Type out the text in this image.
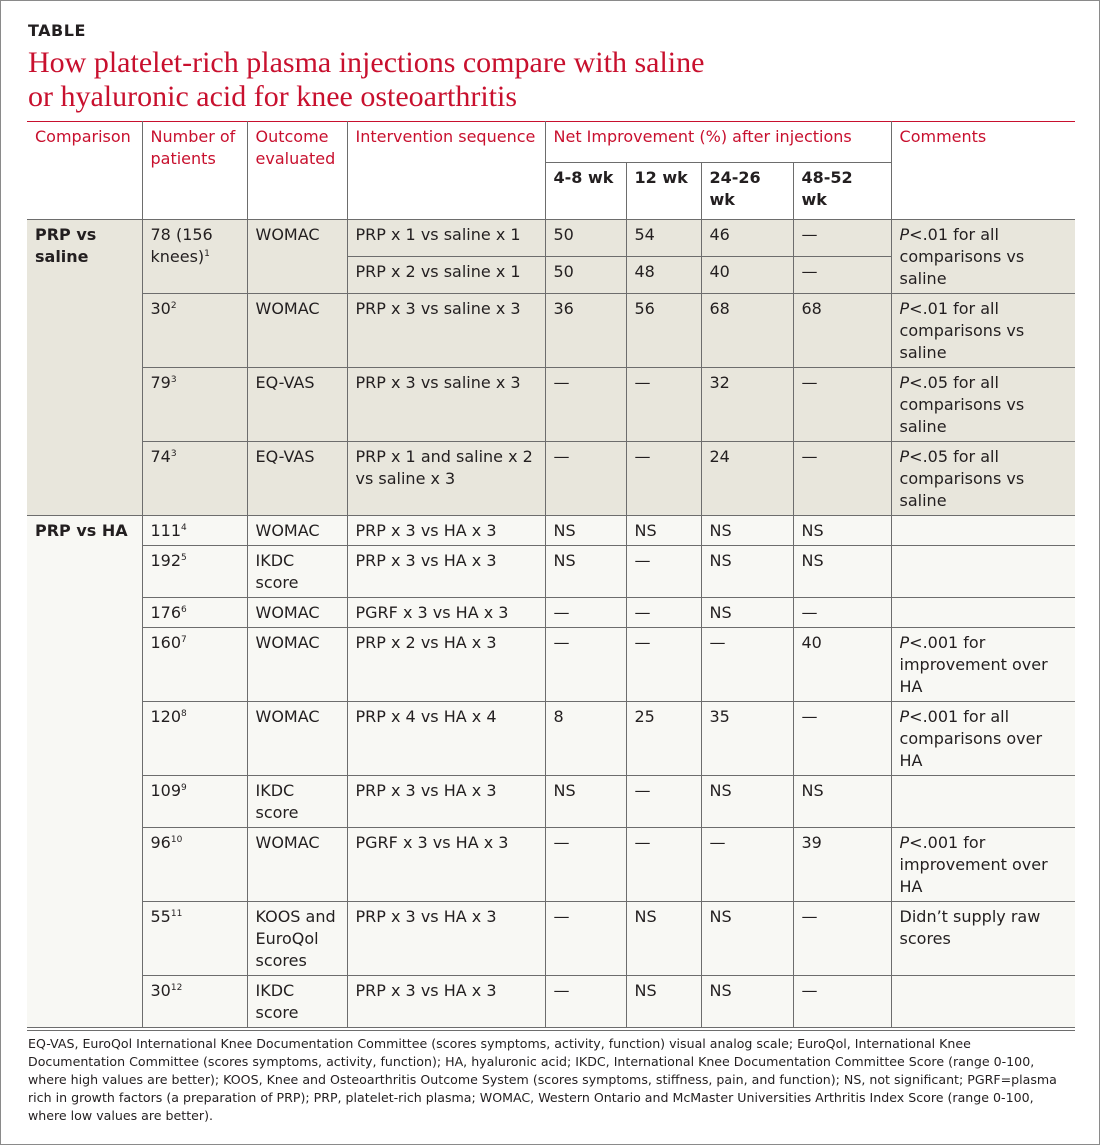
TABLE
How platelet-rich plasma injections compare with saline
or hyaluronic acid for knee osteoarthritis
Comparison	Number of patients	Outcome evaluated	Intervention sequence	Net Improvement (%) after injections				Comments
				4-8 wk	12 wk	24-26 wk	48-52 wk	
PRP vs saline	78 (156 knees)$^1$	WOMAC	PRP x 1 vs saline x 1	50	54	46	—	P<.01 for all comparisons vs saline
			PRP x 2 vs saline x 1	50	48	40	—	
	$30^2$	WOMAC	PRP x 3 vs saline x 3	36	56	68	68	P<.01 for all comparisons vs saline
	$79^3$	EQ-VAS	PRP x 3 vs saline x 3	—	—	32	—	P<.05 for all comparisons vs saline
	$74^3$	EQ-VAS	PRP x 1 and saline x 2 vs saline x 3	—	—	24	—	P<.05 for all comparisons vs saline
PRP vs HA	$111^4$	WOMAC	PRP x 3 vs HA x 3	NS	NS	NS	NS	
	$192^5$	IKDC score	PRP x 3 vs HA x 3	NS	—	NS	NS	
	$176^6$	WOMAC	PGRF x 3 vs HA x 3	—	—	NS	—	
	$160^7$	WOMAC	PRP x 2 vs HA x 3	—	—	—	40	P<.001 for improvement over HA
	$120^8$	WOMAC	PRP x 4 vs HA x 4	8	25	35	—	P<.001 for all comparisons over HA
	$109^9$	IKDC score	PRP x 3 vs HA x 3	NS	—	NS	NS	
	$96^{10}$	WOMAC	PGRF x 3 vs HA x 3	—	—	—	39	P<.001 for improvement over HA
	$55^{11}$	KOOS and EuroQol scores	PRP x 3 vs HA x 3	—	NS	NS	—	Didn’t supply raw scores
	$30^{12}$	IKDC score	PRP x 3 vs HA x 3	—	NS	NS	—	
EQ-VAS, EuroQol International Knee Documentation Committee (scores symptoms, activity, function) visual analog scale; EuroQol, International Knee Documentation Committee (scores symptoms, activity, function); HA, hyaluronic acid; IKDC, International Knee Documentation Committee Score (range 0-100, where high values are better); KOOS, Knee and Osteoarthritis Outcome System (scores symptoms, stiffness, pain, and function); NS, not significant; PGRF=plasma rich in growth factors (a preparation of PRP); PRP, platelet-rich plasma; WOMAC, Western Ontario and McMaster Universities Arthritis Index Score (range 0-100, where low values are better).
